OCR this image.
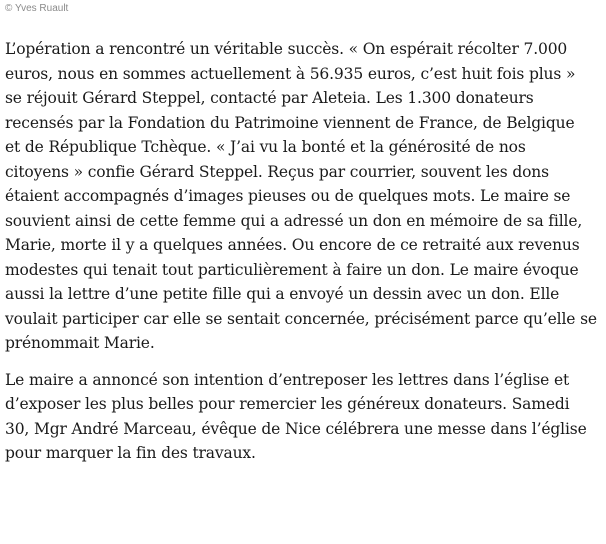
© Yves Ruault

L’opération a rencontré un véritable succès. « On espérait récolter 7.000
euros, nous en sommes actuellement à 56.935 euros, c’est huit fois plus »
se réjouit Gérard Steppel, contacté par Aleteia. Les 1.300 donateurs
recensés par la Fondation du Patrimoine viennent de France, de Belgique
et de République Tchèque. « J’ai vu la bonté et la générosité de nos
citoyens » confie Gérard Steppel. Reçus par courrier, souvent les dons
étaient accompagnés d’images pieuses ou de quelques mots. Le maire se
souvient ainsi de cette femme qui a adressé un don en mémoire de sa fille,
Marie, morte il y a quelques années. Ou encore de ce retraité aux revenus
modestes qui tenait tout particulièrement à faire un don. Le maire évoque
aussi la lettre d’une petite fille qui a envoyé un dessin avec un don. Elle
voulait participer car elle se sentait concernée, précisément parce qu’elle se
prénommait Marie.

Le maire a annoncé son intention d’entreposer les lettres dans l’église et
d’exposer les plus belles pour remercier les généreux donateurs. Samedi
30, Mgr André Marceau, évêque de Nice célébrera une messe dans l’église
pour marquer la fin des travaux.
